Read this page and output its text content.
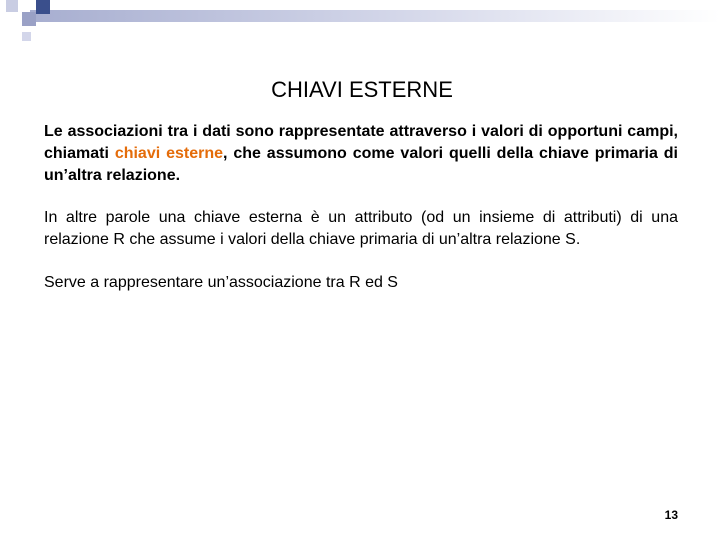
CHIAVI ESTERNE

Le associazioni tra i dati sono rappresentate attraverso i valori di opportuni campi, chiamati chiavi esterne, che assumono come valori quelli della chiave primaria di un’altra relazione.

In altre parole una chiave esterna è un attributo (od un insieme di attributi) di una relazione R che assume i valori della chiave primaria di un’altra relazione S.

Serve a rappresentare un’associazione tra R ed S

13
